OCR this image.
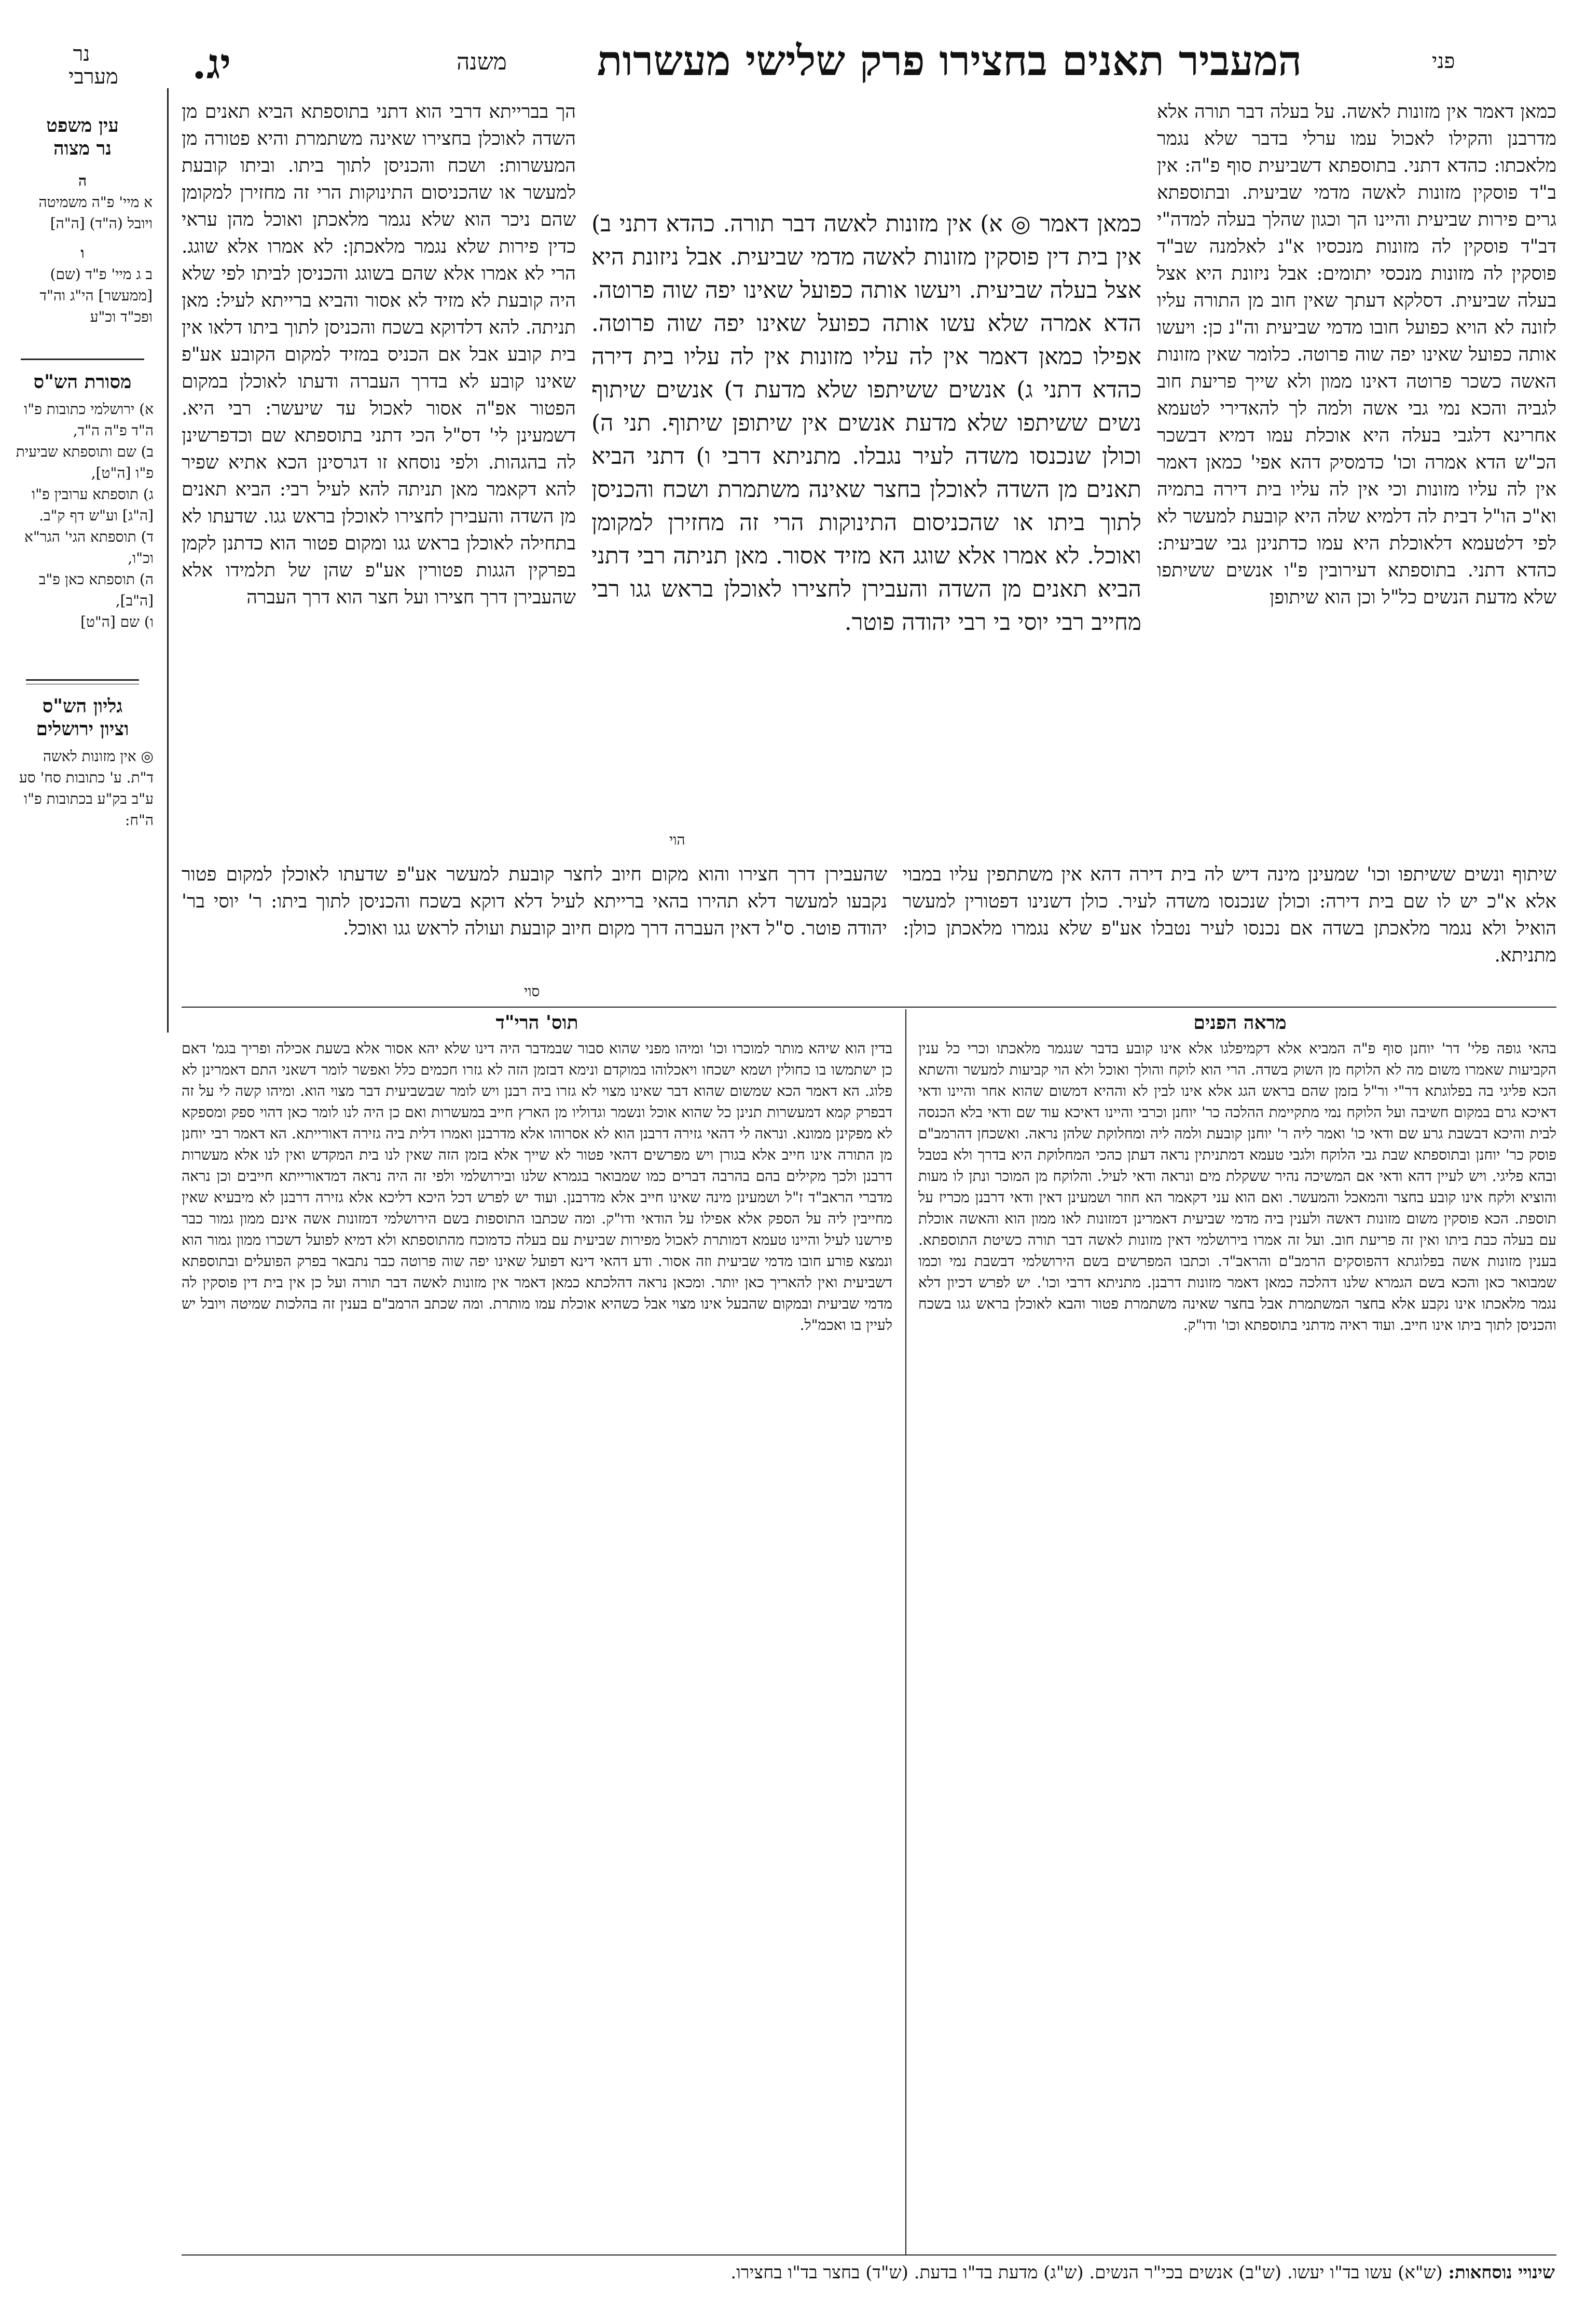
נר
מערבי	יג.	משנה	המעביר תאנים בחצירו פרק שלישי מעשרות	פני
עין משפט
נר מצוה
ה
א מיי' פ"ה משמיטה ויובל (ה"ד) [ה"ה]
ו
ב ג מיי' פ"ד (שם) [ממעשר] הי"ג וה"ד ופכ"ד וכ"ע
מסורת הש"ס
א) ירושלמי כתובות פ"ו
ה"ד פ"ה ה"ד,
ב) שם ותוספתא שביעית
פ"ו [ה"ט],
ג) תוספתא ערובין פ"ו
[ה"ג] וע"ש דף ק"ב.
ד) תוספתא הגי' הגר"א
וכ"ו,
ה) תוספתא כאן פ"ב
[ה"ב],
ו) שם [ה"ט]
גליון הש"ס
וציון ירושלים
◎ אין מזונות לאשה ד"ת. ע' כתובות סח' סע ע"ב בק"ע בכתובות פ"ו ה"ח:

כמאן דאמר אין מזונות לאשה. על בעלה דבר תורה אלא מדרבנן והקילו לאכול עמו ערלי בדבר שלא נגמר מלאכתו: כהדא דתני. בתוספתא דשביעית סוף פ"ה: אין ב"ד פוסקין מזונות לאשה מדמי שביעית. ובתוספתא גרים פירות שביעית והיינו הך וכגון שהלך בעלה למדה"י דב"ד פוסקין לה מזונות מנכסיו א"נ לאלמנה שב"ד פוסקין לה מזונות מנכסי יתומים: אבל ניזונת היא אצל בעלה שביעית. דסלקא דעתך שאין חוב מן התורה עליו לזונה לא הויא כפועל חובו מדמי שביעית וה"נ כן: ויעשו אותה כפועל שאינו יפה שוה פרוטה. כלומר שאין מזונות האשה כשכר פרוטה דאינו ממון ולא שייך פריעת חוב לגביה והכא נמי גבי אשה ולמה לך להאדירי לטעמא אחרינא דלגבי בעלה היא אוכלת עמו דמיא דבשכר הכ"ש הדא אמרה וכו' כדמסיק דהא אפי' כמאן דאמר אין לה עליו מזונות וכי אין לה עליו בית דירה בתמיה וא"כ הו"ל דבית לה דלמיא שלה היא קובעת למעשר לא לפי דלטעמא דלאוכלת היא עמו כדתנינן גבי שביעית: כהדא דתני. בתוספתא דעירובין פ"ו אנשים ששיתפו שלא מדעת הנשים כל"ל וכן הוא שיתופן

הך בברייתא דרבי הוא דתני בתוספתא הביא תאנים מן השדה לאוכלן בחצירו שאינה משתמרת והיא פטורה מן המעשרות: ושכח והכניסן לתוך ביתו. וביתו קובעת למעשר או שהכניסום התינוקות הרי זה מחזירן למקומן שהם ניכר הוא שלא נגמר מלאכתן ואוכל מהן עראי כדין פירות שלא נגמר מלאכתן: לא אמרו אלא שוגג. הרי לא אמרו אלא שהם בשוגג והכניסן לביתו לפי שלא היה קובעת לא מזיד לא אסור והביא ברייתא לעיל: מאן תניתה. להא דלדוקא בשכח והכניסן לתוך ביתו דלאו אין בית קובע אבל אם הכניס במזיד למקום הקובע אע"פ שאינו קובע לא בדרך העברה ודעתו לאוכלן במקום הפטור אפ"ה אסור לאכול עד שיעשר: רבי היא. דשמעינן לי' דס"ל הכי דתני בתוספתא שם וכדפרשינן לה בהגהות. ולפי נוסחא זו דגרסינן הכא אתיא שפיר להא דקאמר מאן תניתה להא לעיל רבי: הביא תאנים מן השדה והעבירן לחצירו לאוכלן בראש גגו. שדעתו לא בתחילה לאוכלן בראש גגו ומקום פטור הוא כדתנן לקמן בפרקין הגגות פטורין אע"פ שהן של תלמידו אלא שהעבירן דרך חצירו ועל חצר הוא דרך העברה

כמאן דאמר ◎ א) אין מזונות לאשה דבר תורה. כהדא דתני ב) אין בית דין פוסקין מזונות לאשה מדמי שביעית. אבל ניזונת היא אצל בעלה שביעית. ויעשו אותה כפועל שאינו יפה שוה פרוטה. הדא אמרה שלא עשו אותה כפועל שאינו יפה שוה פרוטה. אפילו כמאן דאמר אין לה עליו מזונות אין לה עליו בית דירה כהדא דתני ג) אנשים ששיתפו שלא מדעת ד) אנשים שיתוף נשים ששיתפו שלא מדעת אנשים אין שיתופן שיתוף. תני ה) וכולן שנכנסו משדה לעיר נגבלו. מתניתא דרבי ו) דתני הביא תאנים מן השדה לאוכלן בחצר שאינה משתמרת ושכח והכניסן לתוך ביתו או שהכניסום התינוקות הרי זה מחזירן למקומן ואוכל. לא אמרו אלא שוגג הא מזיד אסור. מאן תניתה רבי דתני הביא תאנים מן השדה והעבירן לחצירו לאוכלן בראש גגו רבי מחייב רבי יוסי בי רבי יהודה פוטר.

הוי

שיתוף ונשים ששיתפו וכו' שמעינן מינה דיש לה בית דירה דהא אין משתתפין עליו במבוי אלא א"כ יש לו שם בית דירה: וכולן שנכנסו משדה לעיר. כולן דשנינו דפטורין למעשר הואיל ולא נגמר מלאכתן בשדה אם נכנסו לעיר נטבלו אע"פ שלא נגמרו מלאכתן כולן: מתניתא.

שהעבירן דרך חצירו והוא מקום חיוב לחצר קובעת למעשר אע"פ שדעתו לאוכלן למקום פטור נקבעו למעשר דלא תהירו בהאי ברייתא לעיל דלא דוקא בשכח והכניסן לתוך ביתו: ר' יוסי בר' יהודה פוטר. ס"ל דאין העברה דרך מקום חיוב קובעת ועולה לראש גגו ואוכל.

סוי
מראה הפנים
תוס' הרי"ד

בהאי גופה פלי' דר' יוחנן סוף פ"ה המביא אלא דקמיפלגו אלא אינו קובע בדבר שנגמר מלאכתו וכרי כל ענין הקביעות שאמרו משום מה לא הלוקח מן השוק בשדה. הרי הוא לוקח והולך ואוכל ולא הוי קביעות למעשר והשתא הכא פליגי בה בפלוגתא דר"י ור"ל בזמן שהם בראש הגג אלא אינו לבין לא וההיא דמשום שהוא אחר והיינו ודאי דאיכא גרם במקום חשיבה ועל הלוקח נמי מתקיימת ההלכה כר' יוחנן וכרבי והיינו דאיכא עוד שם ודאי בלא הכנסה לבית והיכא דבשבת גרע שם ודאי כו' ואמר ליה ר' יוחנן קובעת ולמה ליה ומחלוקת שלהן נראה. ואשכחן דהרמב"ם פוסק כר' יוחנן ובתוספתא שבת גבי הלוקח ולגבי טעמא דמתניתין נראה דעתן כהכי המחלוקת היא בדרך ולא בטבל ובהא פליגי. ויש לעיין דהא ודאי אם המשיכה נהיר ששקלת מים ונראה ודאי לעיל. והלוקח מן המוכר ונתן לו מעות והוציא ולקח אינו קובע בחצר והמאכל והמעשר. ואם הוא עני דקאמר הא חוזר ושמעינן דאין ודאי דרבנן מכריז על תוספת. הכא פוסקין משום מזונות דאשה ולענין ביה מדמי שביעית דאמרינן דמזונות לאו ממון הוא והאשה אוכלת עם בעלה כבת ביתו ואין זה פריעת חוב. ועל זה אמרו בירושלמי דאין מזונות לאשה דבר תורה כשיטת התוספתא. בענין מזונות אשה בפלוגתא דהפוסקים הרמב"ם והראב"ד. וכתבו המפרשים בשם הירושלמי דבשבת נמי וכמו שמבואר כאן והכא בשם הגמרא שלנו דהלכה כמאן דאמר מזונות דרבנן. מתניתא דרבי וכו'. יש לפרש דכיון דלא נגמר מלאכתו אינו נקבע אלא בחצר המשתמרת אבל בחצר שאינה משתמרת פטור והבא לאוכלן בראש גגו בשכח והכניסן לתוך ביתו אינו חייב. ועוד ראיה מדתני בתוספתא וכו' ודו"ק.

בדין הוא שיהא מותר למוכרו וכו' ומיהו מפני שהוא סבור שבמדבר היה דינו שלא יהא אסור אלא בשעת אכילה ופריך בגמ' דאם כן ישתמשו בו כחולין ושמא ישכחו ויאכלוהו במוקדם ונימא דבזמן הזה לא גזרו חכמים כלל ואפשר לומר דשאני התם דאמרינן לא פלוג. הא דאמר הכא שמשום שהוא דבר שאינו מצוי לא גזרו ביה רבנן ויש לומר שבשביעית דבר מצוי הוא. ומיהו קשה לי על זה דבפרק קמא דמעשרות תנינן כל שהוא אוכל ונשמר וגדוליו מן הארץ חייב במעשרות ואם כן היה לנו לומר כאן דהוי ספק ומספקא לא מפקינן ממונא. ונראה לי דהאי גזירה דרבנן הוא לא אסרוהו אלא מדרבנן ואמרו דלית ביה גזירה דאורייתא. הא דאמר רבי יוחנן מן התורה אינו חייב אלא בגורן ויש מפרשים דהאי פטור לא שייך אלא בזמן הזה שאין לנו בית המקדש ואין לנו אלא מעשרות דרבנן ולכך מקילים בהם בהרבה דברים כמו שמבואר בגמרא שלנו ובירושלמי ולפי זה היה נראה דמדאורייתא חייבים וכן נראה מדברי הראב"ד ז"ל ושמעינן מינה שאינו חייב אלא מדרבנן. ועוד יש לפרש דכל היכא דליכא אלא גזירה דרבנן לא מיבעיא שאין מחייבין ליה על הספק אלא אפילו על הודאי ודו"ק. ומה שכתבו התוספות בשם הירושלמי דמזונות אשה אינם ממון גמור כבר פירשנו לעיל והיינו טעמא דמותרת לאכול מפירות שביעית עם בעלה כדמוכח מהתוספתא ולא דמיא לפועל דשכרו ממון גמור הוא ונמצא פורע חובו מדמי שביעית וזה אסור. ודע דהאי דינא דפועל שאינו יפה שוה פרוטה כבר נתבאר בפרק הפועלים ובתוספתא דשביעית ואין להאריך כאן יותר. ומכאן נראה דהלכתא כמאן דאמר אין מזונות לאשה דבר תורה ועל כן אין בית דין פוסקין לה מדמי שביעית ובמקום שהבעל אינו מצוי אבל כשהיא אוכלת עמו מותרת. ומה שכתב הרמב"ם בענין זה בהלכות שמיטה ויובל יש לעיין בו ואכמ"ל.

שינויי נוסחאות: (ש"א) עשו בד"ו יעשו. (ש"ב) אנשים בכי"ר הנשים. (ש"ג) מדעת בד"ו בדעת. (ש"ד) בחצר בד"ו בחצירו.
